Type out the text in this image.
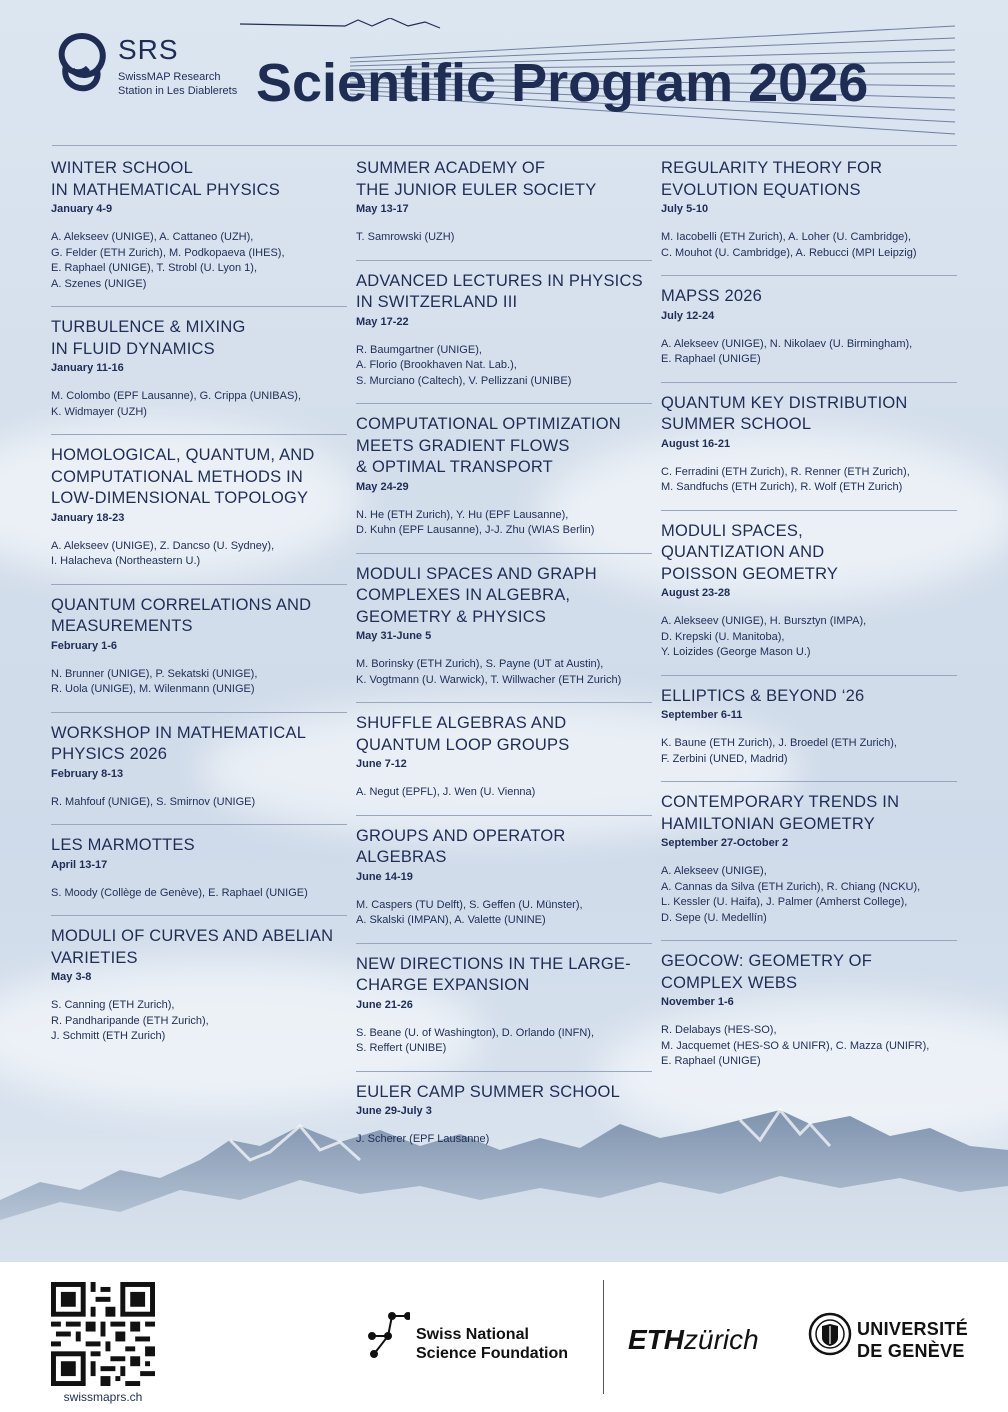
SRS
SwissMAP Research
Station in Les Diablerets Scientific Program 2026
WINTER SCHOOL
IN MATHEMATICAL PHYSICS
January 4-9
A. Alekseev (UNIGE), A. Cattaneo (UZH),
G. Felder (ETH Zurich), M. Podkopaeva (IHES),
E. Raphael (UNIGE), T. Strobl (U. Lyon 1),
A. Szenes (UNIGE)
TURBULENCE & MIXING
IN FLUID DYNAMICS
January 11-16
M. Colombo (EPF Lausanne), G. Crippa (UNIBAS),
K. Widmayer (UZH)
HOMOLOGICAL, QUANTUM, AND
COMPUTATIONAL METHODS IN
LOW-DIMENSIONAL TOPOLOGY
January 18-23
A. Alekseev (UNIGE), Z. Dancso (U. Sydney),
I. Halacheva (Northeastern U.)
QUANTUM CORRELATIONS AND
MEASUREMENTS
February 1-6
N. Brunner (UNIGE), P. Sekatski (UNIGE),
R. Uola (UNIGE), M. Wilenmann (UNIGE)
WORKSHOP IN MATHEMATICAL
PHYSICS 2026
February 8-13
R. Mahfouf (UNIGE), S. Smirnov (UNIGE)
LES MARMOTTES
April 13-17
S. Moody (Collège de Genève), E. Raphael (UNIGE)
MODULI OF CURVES AND ABELIAN
VARIETIES
May 3-8
S. Canning (ETH Zurich),
R. Pandharipande (ETH Zurich),
J. Schmitt (ETH Zurich)
SUMMER ACADEMY OF
THE JUNIOR EULER SOCIETY
May 13-17
T. Samrowski (UZH)
ADVANCED LECTURES IN PHYSICS
IN SWITZERLAND III
May 17-22
R. Baumgartner (UNIGE),
A. Florio (Brookhaven Nat. Lab.),
S. Murciano (Caltech), V. Pellizzani (UNIBE)
COMPUTATIONAL OPTIMIZATION
MEETS GRADIENT FLOWS
& OPTIMAL TRANSPORT
May 24-29
N. He (ETH Zurich), Y. Hu (EPF Lausanne),
D. Kuhn (EPF Lausanne), J-J. Zhu (WIAS Berlin)
MODULI SPACES AND GRAPH
COMPLEXES IN ALGEBRA,
GEOMETRY & PHYSICS
May 31-June 5
M. Borinsky (ETH Zurich), S. Payne (UT at Austin),
K. Vogtmann (U. Warwick), T. Willwacher (ETH Zurich)
SHUFFLE ALGEBRAS AND
QUANTUM LOOP GROUPS
June 7-12
A. Negut (EPFL), J. Wen (U. Vienna)
GROUPS AND OPERATOR
ALGEBRAS
June 14-19
M. Caspers (TU Delft), S. Geffen (U. Münster),
A. Skalski (IMPAN), A. Valette (UNINE)
NEW DIRECTIONS IN THE LARGE-
CHARGE EXPANSION
June 21-26
S. Beane (U. of Washington), D. Orlando (INFN),
S. Reffert (UNIBE)
EULER CAMP SUMMER SCHOOL
June 29-July 3
J. Scherer (EPF Lausanne)
REGULARITY THEORY FOR
EVOLUTION EQUATIONS
July 5-10
M. Iacobelli (ETH Zurich), A. Loher (U. Cambridge),
C. Mouhot (U. Cambridge), A. Rebucci (MPI Leipzig)
MAPSS 2026
July 12-24
A. Alekseev (UNIGE), N. Nikolaev (U. Birmingham),
E. Raphael (UNIGE)
QUANTUM KEY DISTRIBUTION
SUMMER SCHOOL
August 16-21
C. Ferradini (ETH Zurich), R. Renner (ETH Zurich),
M. Sandfuchs (ETH Zurich), R. Wolf (ETH Zurich)
MODULI SPACES,
QUANTIZATION AND
POISSON GEOMETRY
August 23-28
A. Alekseev (UNIGE), H. Bursztyn (IMPA),
D. Krepski (U. Manitoba),
Y. Loizides (George Mason U.)
ELLIPTICS & BEYOND ‘26
September 6-11
K. Baune (ETH Zurich), J. Broedel (ETH Zurich),
F. Zerbini (UNED, Madrid)
CONTEMPORARY TRENDS IN
HAMILTONIAN GEOMETRY
September 27-October 2
A. Alekseev (UNIGE),
A. Cannas da Silva (ETH Zurich), R. Chiang (NCKU),
L. Kessler (U. Haifa), J. Palmer (Amherst College),
D. Sepe (U. Medellín)
GEOCOW: GEOMETRY OF
COMPLEX WEBS
November 1-6
R. Delabays (HES-SO),
M. Jacquemet (HES-SO & UNIFR), C. Mazza (UNIFR),
E. Raphael (UNIGE)
swissmaprs.ch
Swiss National
Science Foundation ETHzürich	UNIVERSITÉ
DE GENÈVE
